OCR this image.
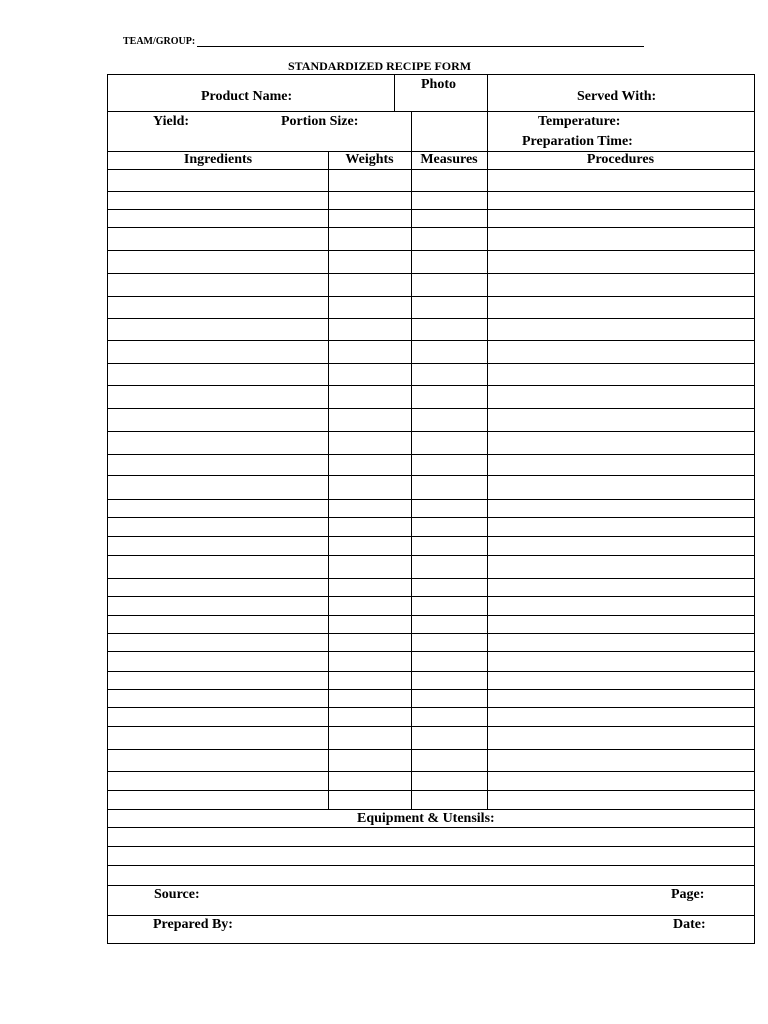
TEAM/GROUP:
STANDARDIZED RECIPE FORM
Product Name:
Photo
Served With:
Yield:	Portion Size:	Temperature:
Preparation Time:
Ingredients	Weights	Measures	Procedures
Equipment & Utensils:
Source:	Page:
Prepared By:	Date:
